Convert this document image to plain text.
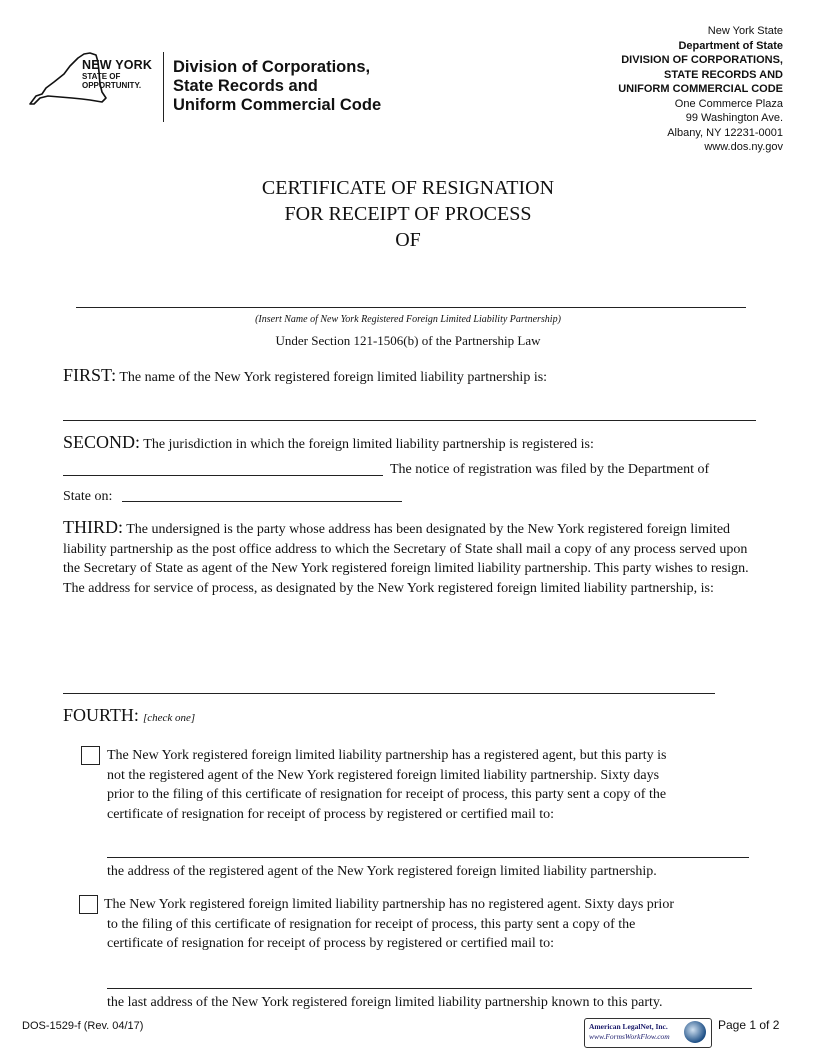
NEW YORK
STATE OF
OPPORTUNITY.
Division of Corporations,
State Records and
Uniform Commercial Code
New York State
Department of State
DIVISION OF CORPORATIONS,
STATE RECORDS AND
UNIFORM COMMERCIAL CODE
One Commerce Plaza
99 Washington Ave.
Albany, NY 12231-0001
www.dos.ny.gov
CERTIFICATE OF RESIGNATION
FOR RECEIPT OF PROCESS
OF
(Insert Name of New York Registered Foreign Limited Liability Partnership)
Under Section 121-1506(b) of the Partnership Law
FIRST: The name of the New York registered foreign limited liability partnership is:
SECOND: The jurisdiction in which the foreign limited liability partnership is registered is:
The notice of registration was filed by the Department of
State on:
THIRD: The undersigned is the party whose address has been designated by the New York registered foreign limited liability partnership as the post office address to which the Secretary of State shall mail a copy of any process served upon the Secretary of State as agent of the New York registered foreign limited liability partnership. This party wishes to resign. The address for service of process, as designated by the New York registered foreign limited liability partnership, is:
FOURTH: [check one]
The New York registered foreign limited liability partnership has a registered agent, but this party is
not the registered agent of the New York registered foreign limited liability partnership. Sixty days
prior to the filing of this certificate of resignation for receipt of process, this party sent a copy of the
certificate of resignation for receipt of process by registered or certified mail to:
the address of the registered agent of the New York registered foreign limited liability partnership.
The New York registered foreign limited liability partnership has no registered agent. Sixty days prior
to the filing of this certificate of resignation for receipt of process, this party sent a copy of the
certificate of resignation for receipt of process by registered or certified mail to:
the last address of the New York registered foreign limited liability partnership known to this party.
DOS-1529-f (Rev. 04/17)	American LegalNet, Inc.
www.FormsWorkFlow.com
Page 1 of 2
